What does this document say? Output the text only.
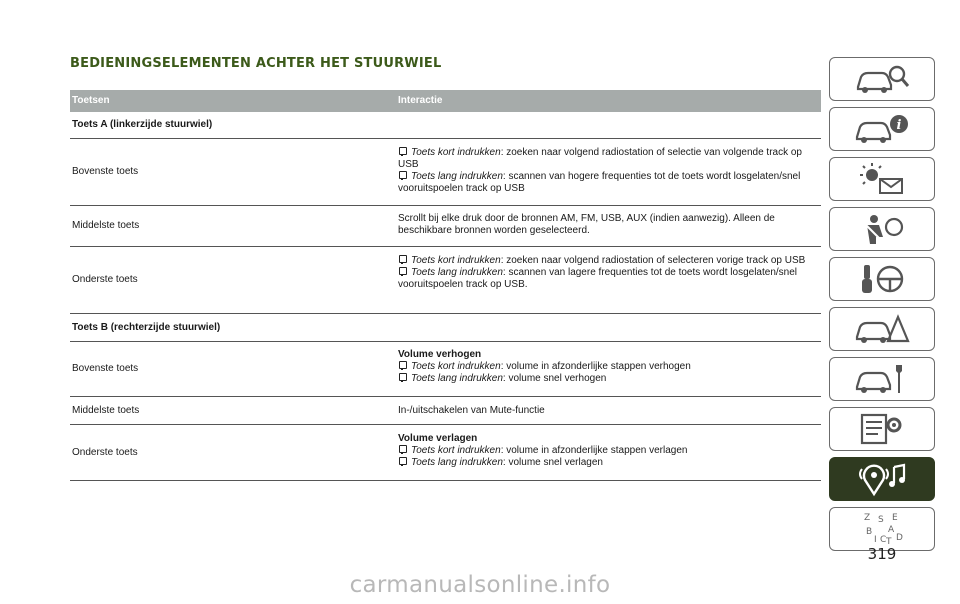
BEDIENINGSELEMENTEN ACHTER HET STUURWIEL
Toetsen	Interactie
Toets A (linkerzijde stuurwiel)
Bovenste toets
Toets kort indrukken: zoeken naar volgend radiostation of selectie van volgende track op USB
Toets lang indrukken: scannen van hogere frequenties tot de toets wordt losgelaten/snel vooruitspoelen track op USB
Middelste toets
Scrollt bij elke druk door de bronnen AM, FM, USB, AUX (indien aanwezig). Alleen de beschikbare bronnen worden geselecteerd.
Onderste toets
Toets kort indrukken: zoeken naar volgend radiostation of selecteren vorige track op USB
Toets lang indrukken: scannen van lagere frequenties tot de toets wordt losgelaten/snel vooruitspoelen track op USB.
Toets B (rechterzijde stuurwiel)
Bovenste toets
Volume verhogen
Toets kort indrukken: volume in afzonderlijke stappen verhogen
Toets lang indrukken: volume snel verhogen
Middelste toets	In-/uitschakelen van Mute-functie
Onderste toets
Volume verlagen
Toets kort indrukken: volume in afzonderlijke stappen verlagen
Toets lang indrukken: volume snel verlagen
i
Z S E
B A
I C T D
319
carmanualsonline.info
